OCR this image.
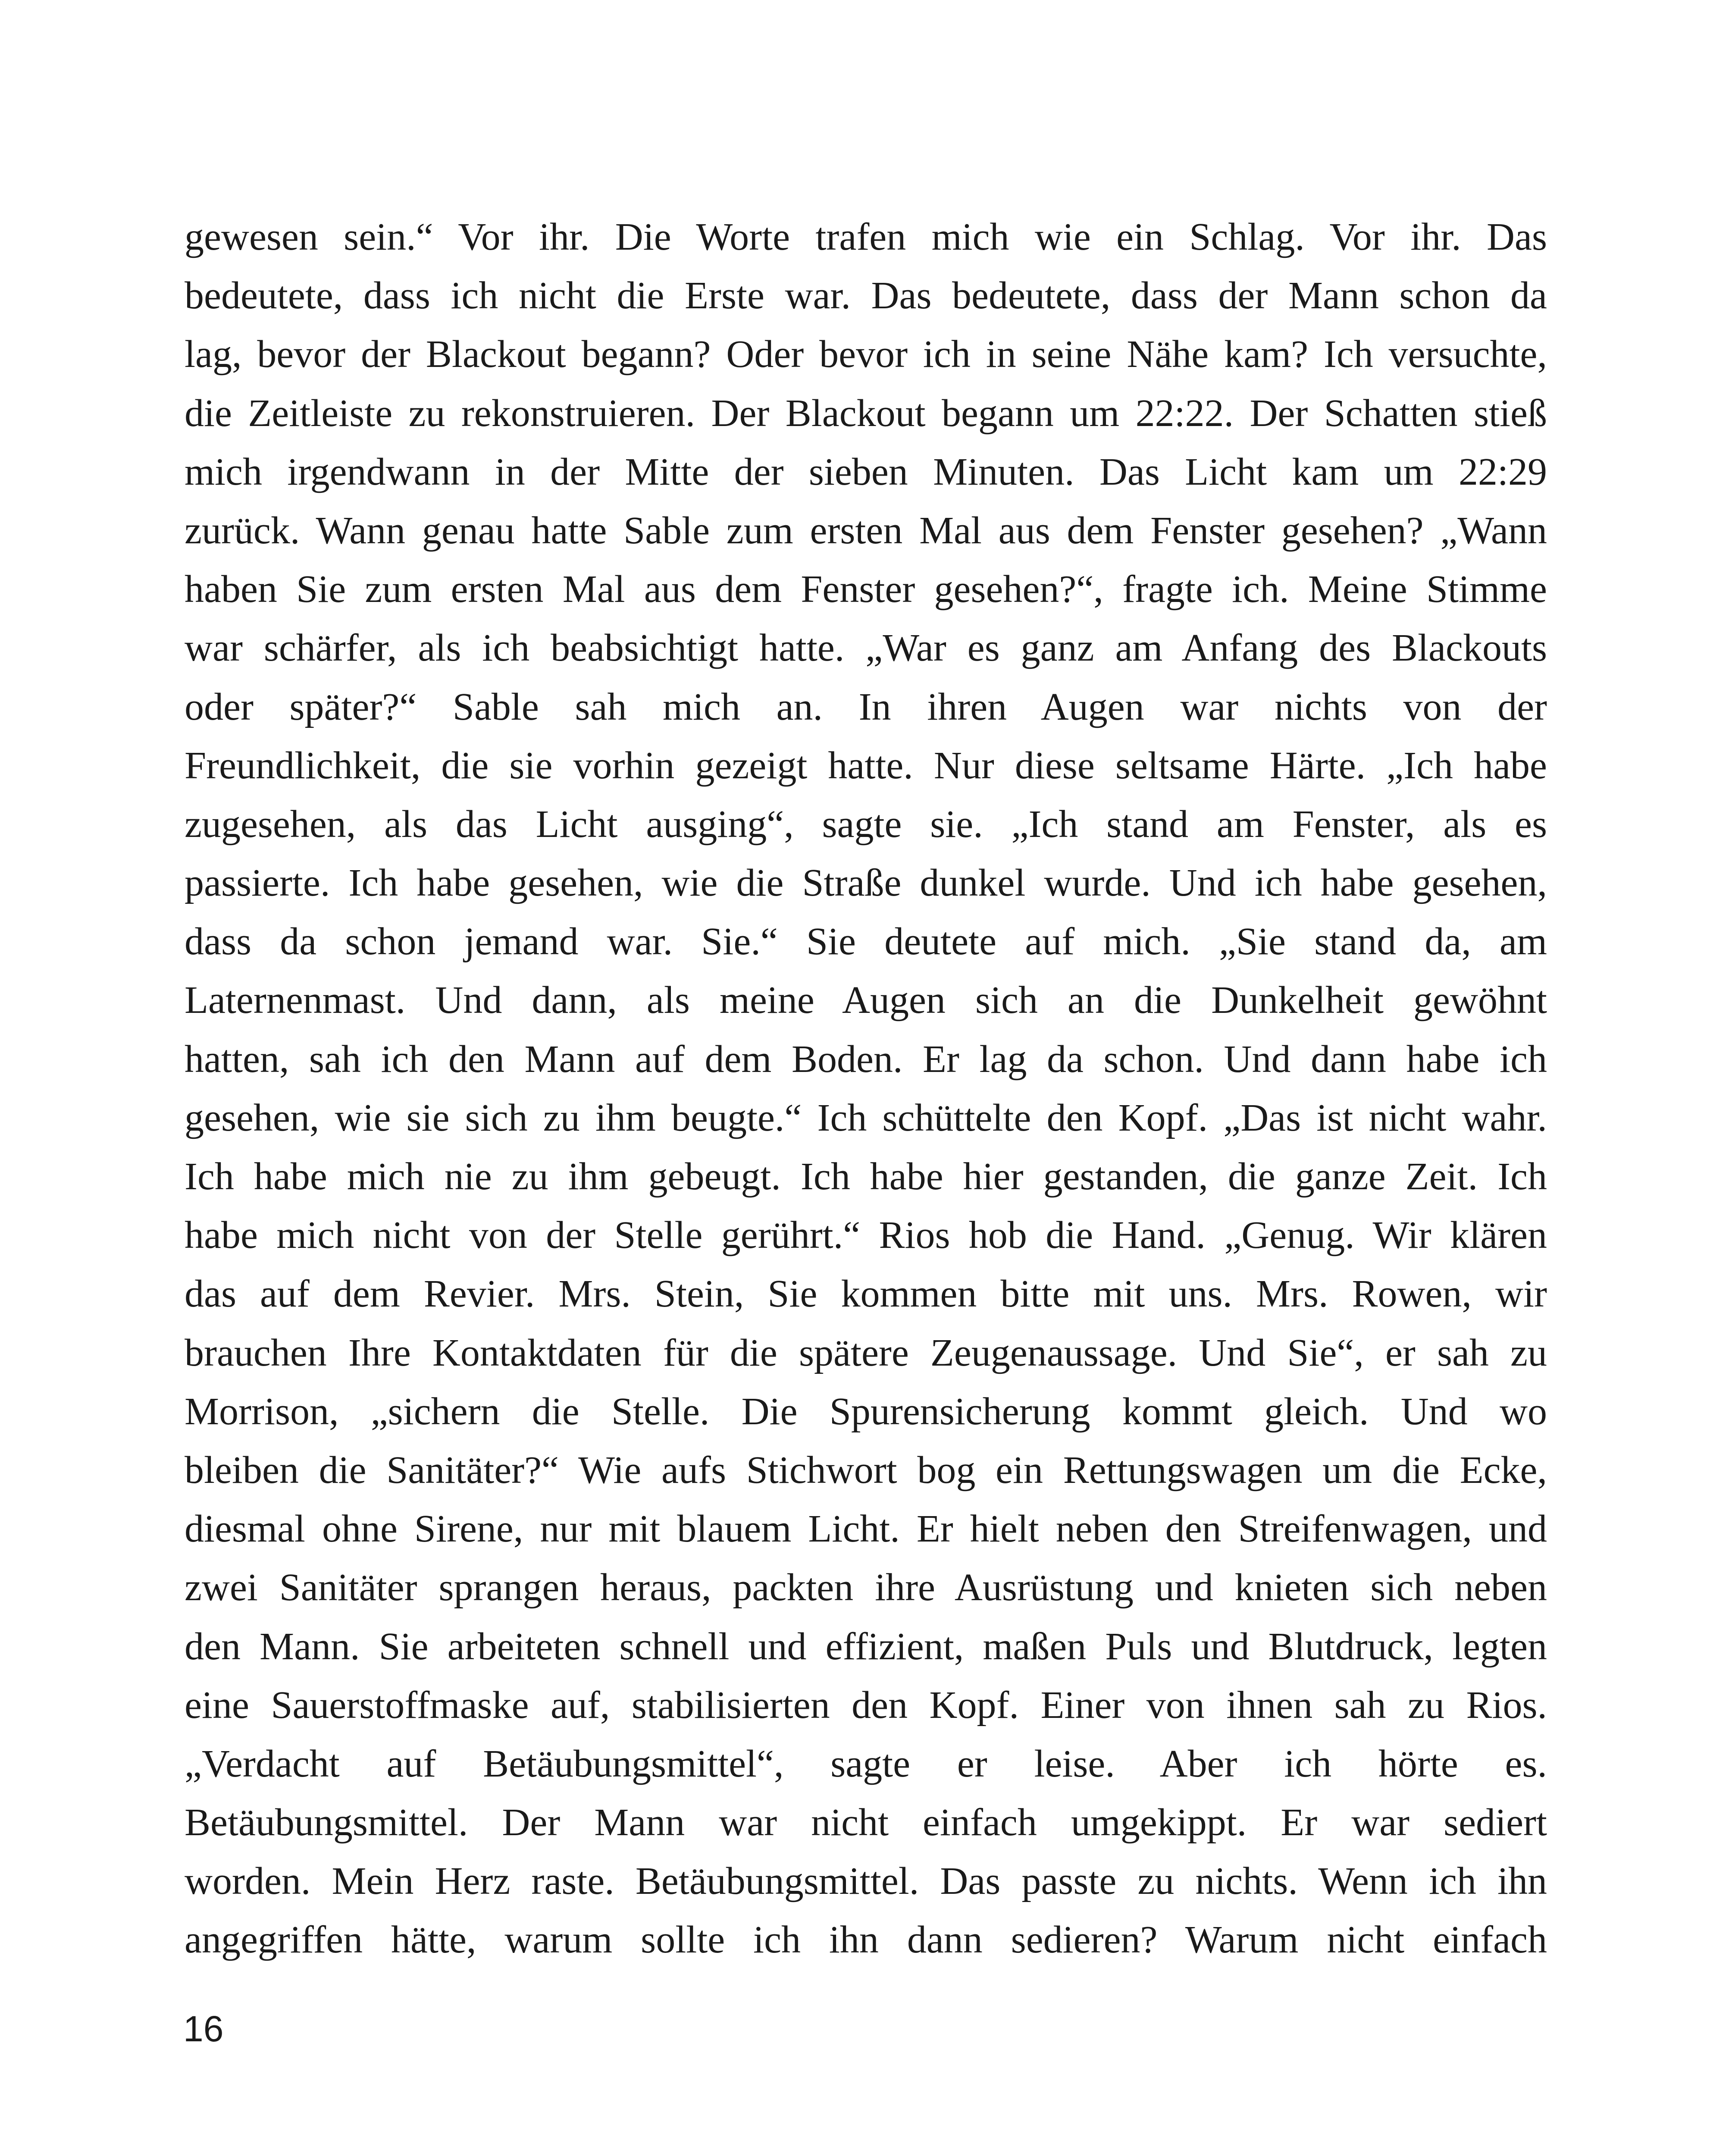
gewesen sein.“ Vor ihr. Die Worte trafen mich wie ein Schlag. Vor ihr. Das
bedeutete, dass ich nicht die Erste war. Das bedeutete, dass der Mann schon da
lag, bevor der Blackout begann? Oder bevor ich in seine Nähe kam? Ich versuchte,
die Zeitleiste zu rekonstruieren. Der Blackout begann um 22:22. Der Schatten stieß
mich irgendwann in der Mitte der sieben Minuten. Das Licht kam um 22:29
zurück. Wann genau hatte Sable zum ersten Mal aus dem Fenster gesehen? „Wann
haben Sie zum ersten Mal aus dem Fenster gesehen?“, fragte ich. Meine Stimme
war schärfer, als ich beabsichtigt hatte. „War es ganz am Anfang des Blackouts
oder später?“ Sable sah mich an. In ihren Augen war nichts von der
Freundlichkeit, die sie vorhin gezeigt hatte. Nur diese seltsame Härte. „Ich habe
zugesehen, als das Licht ausging“, sagte sie. „Ich stand am Fenster, als es
passierte. Ich habe gesehen, wie die Straße dunkel wurde. Und ich habe gesehen,
dass da schon jemand war. Sie.“ Sie deutete auf mich. „Sie stand da, am
Laternenmast. Und dann, als meine Augen sich an die Dunkelheit gewöhnt
hatten, sah ich den Mann auf dem Boden. Er lag da schon. Und dann habe ich
gesehen, wie sie sich zu ihm beugte.“ Ich schüttelte den Kopf. „Das ist nicht wahr.
Ich habe mich nie zu ihm gebeugt. Ich habe hier gestanden, die ganze Zeit. Ich
habe mich nicht von der Stelle gerührt.“ Rios hob die Hand. „Genug. Wir klären
das auf dem Revier. Mrs. Stein, Sie kommen bitte mit uns. Mrs. Rowen, wir
brauchen Ihre Kontaktdaten für die spätere Zeugenaussage. Und Sie“, er sah zu
Morrison, „sichern die Stelle. Die Spurensicherung kommt gleich. Und wo
bleiben die Sanitäter?“ Wie aufs Stichwort bog ein Rettungswagen um die Ecke,
diesmal ohne Sirene, nur mit blauem Licht. Er hielt neben den Streifenwagen, und
zwei Sanitäter sprangen heraus, packten ihre Ausrüstung und knieten sich neben
den Mann. Sie arbeiteten schnell und effizient, maßen Puls und Blutdruck, legten
eine Sauerstoffmaske auf, stabilisierten den Kopf. Einer von ihnen sah zu Rios.
„Verdacht auf Betäubungsmittel“, sagte er leise. Aber ich hörte es.
Betäubungsmittel. Der Mann war nicht einfach umgekippt. Er war sediert
worden. Mein Herz raste. Betäubungsmittel. Das passte zu nichts. Wenn ich ihn
angegriffen hätte, warum sollte ich ihn dann sedieren? Warum nicht einfach
16
